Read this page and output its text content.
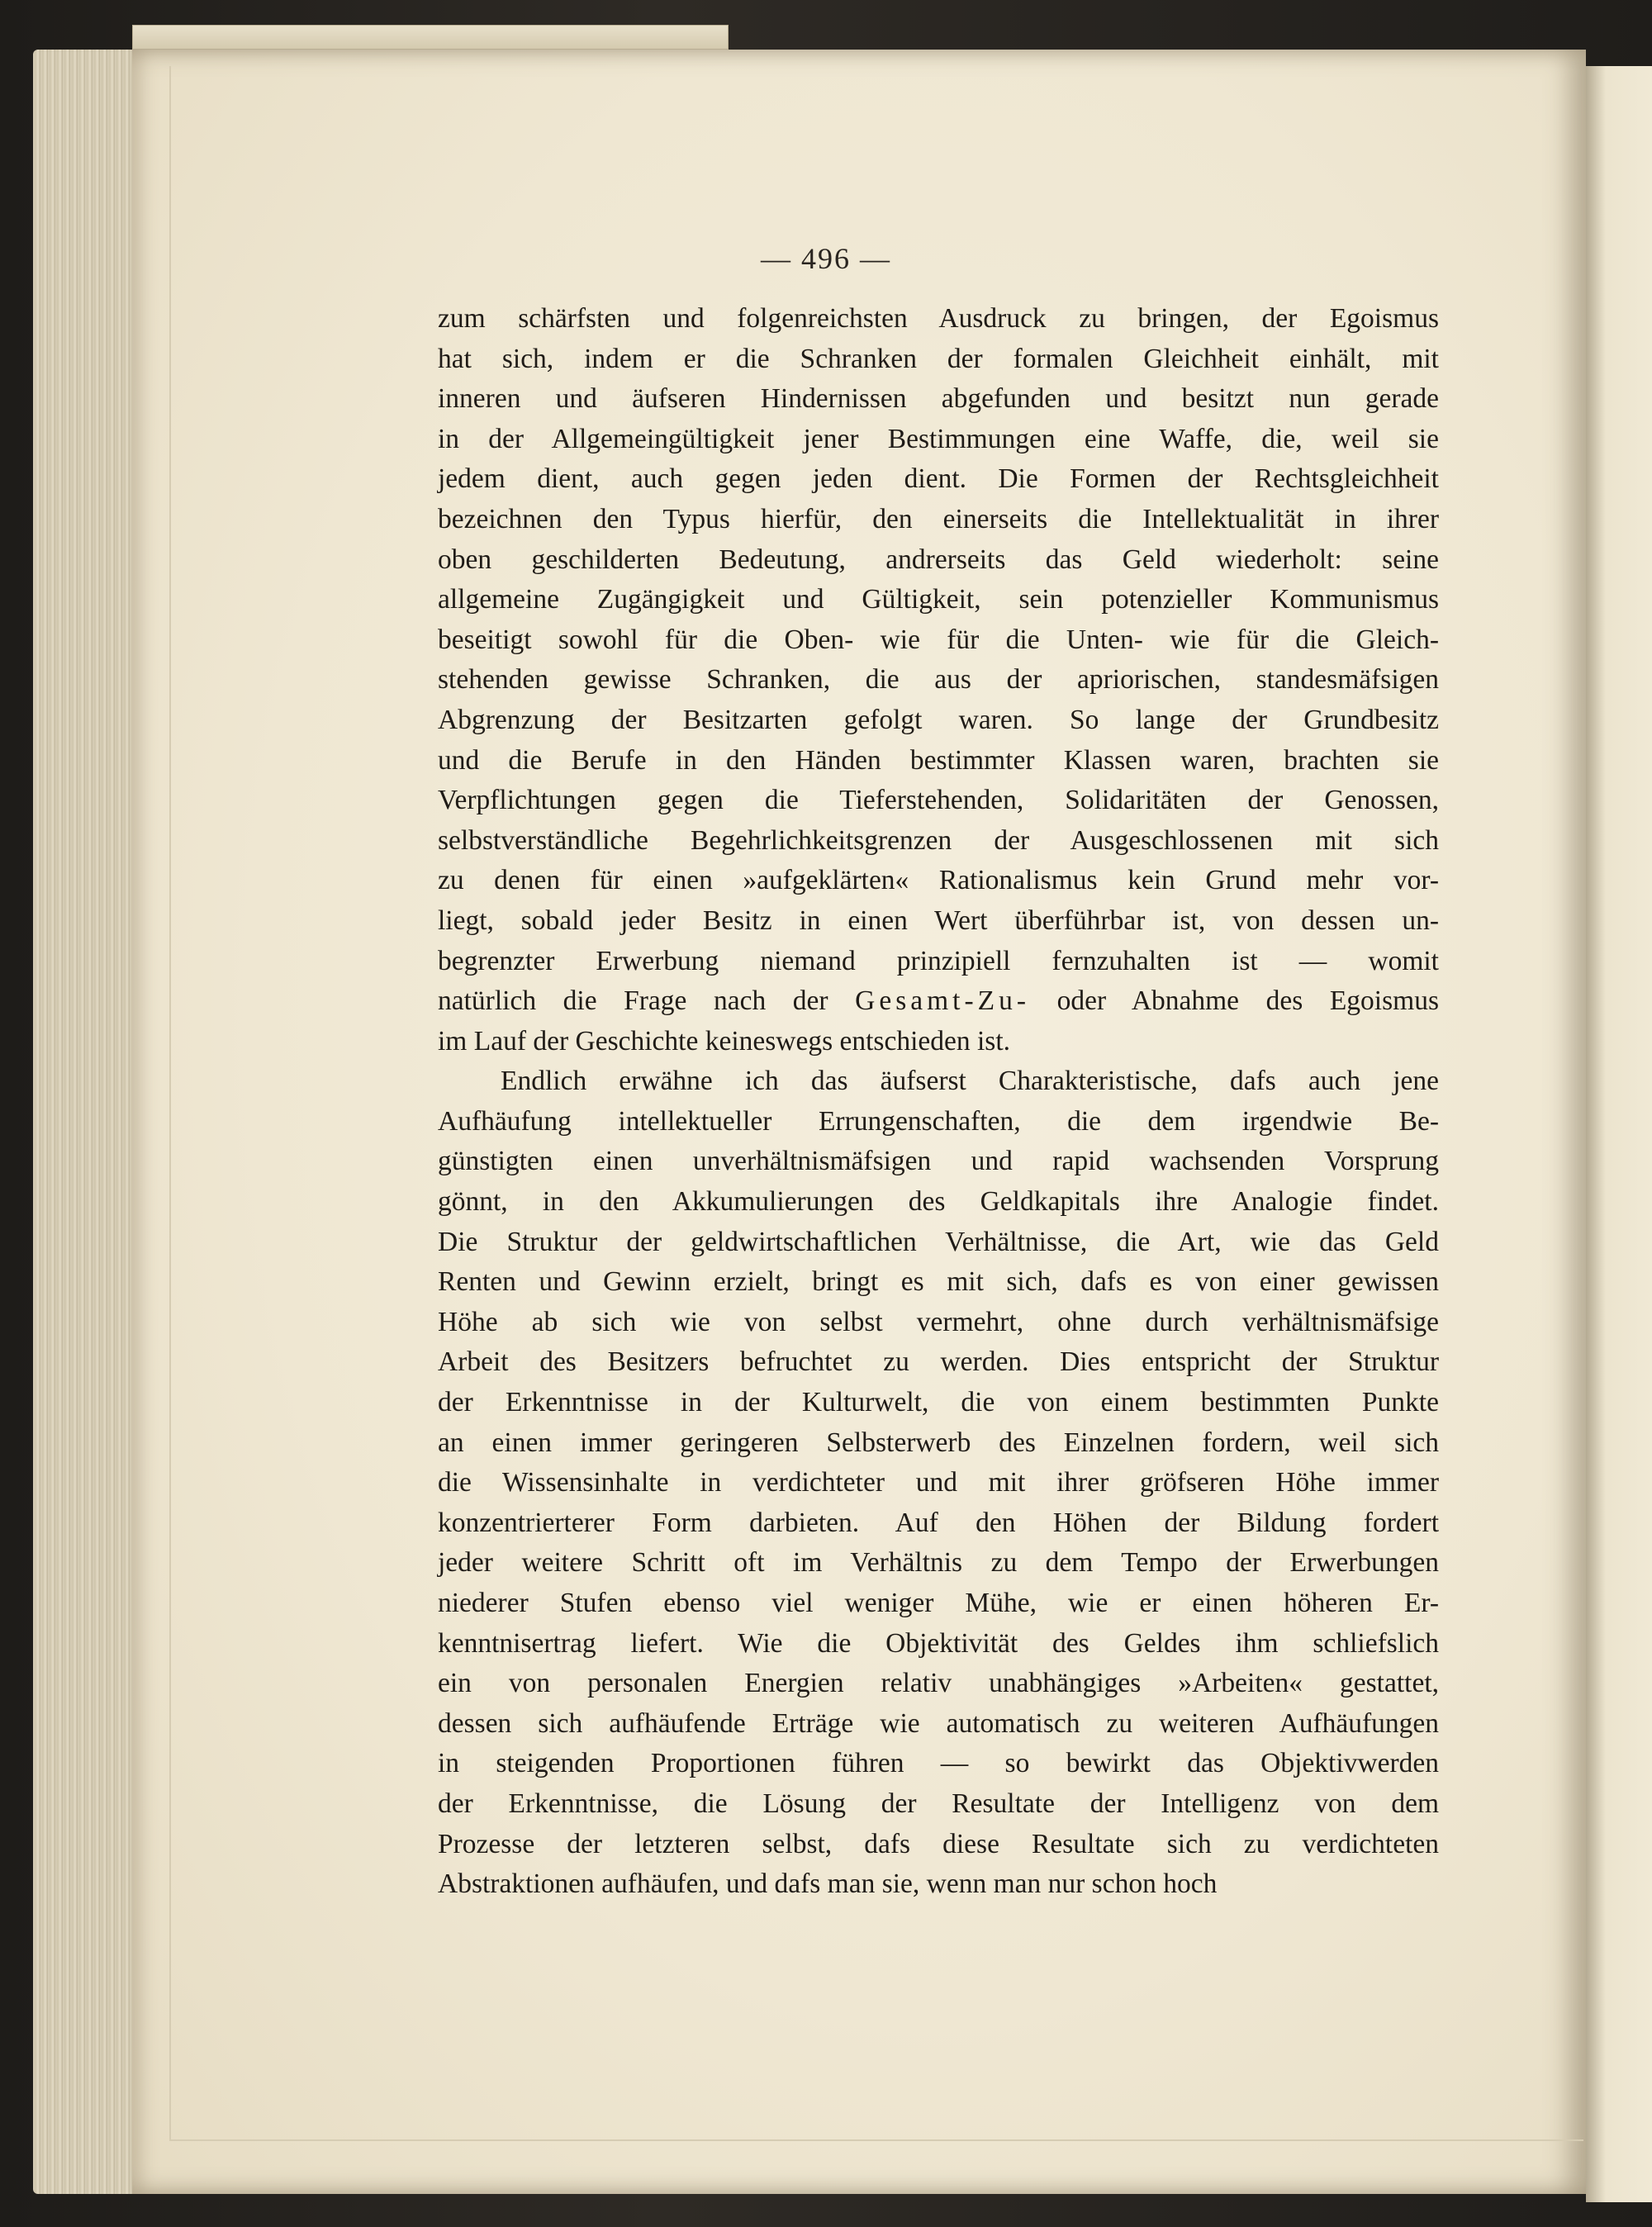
— 496 —
zum schärfsten und folgenreichsten Ausdruck zu bringen, der Egoismus
hat sich, indem er die Schranken der formalen Gleichheit einhält, mit
inneren und äufseren Hindernissen abgefunden und besitzt nun gerade
in der Allgemeingültigkeit jener Bestimmungen eine Waffe, die, weil sie
jedem dient, auch gegen jeden dient. Die Formen der Rechtsgleichheit
bezeichnen den Typus hierfür, den einerseits die Intellektualität in ihrer
oben geschilderten Bedeutung, andrerseits das Geld wiederholt: seine
allgemeine Zugängigkeit und Gültigkeit, sein potenzieller Kommunismus
beseitigt sowohl für die Oben- wie für die Unten- wie für die Gleich-
stehenden gewisse Schranken, die aus der apriorischen, standesmäfsigen
Abgrenzung der Besitzarten gefolgt waren. So lange der Grundbesitz
und die Berufe in den Händen bestimmter Klassen waren, brachten sie
Verpflichtungen gegen die Tieferstehenden, Solidaritäten der Genossen,
selbstverständliche Begehrlichkeitsgrenzen der Ausgeschlossenen mit sich
zu denen für einen »aufgeklärten« Rationalismus kein Grund mehr vor-
liegt, sobald jeder Besitz in einen Wert überführbar ist, von dessen un-
begrenzter Erwerbung niemand prinzipiell fernzuhalten ist — womit
natürlich die Frage nach der Gesamt-Zu- oder Abnahme des Egoismus
im Lauf der Geschichte keineswegs entschieden ist.
Endlich erwähne ich das äufserst Charakteristische, dafs auch jene
Aufhäufung intellektueller Errungenschaften, die dem irgendwie Be-
günstigten einen unverhältnismäfsigen und rapid wachsenden Vorsprung
gönnt, in den Akkumulierungen des Geldkapitals ihre Analogie findet.
Die Struktur der geldwirtschaftlichen Verhältnisse, die Art, wie das Geld
Renten und Gewinn erzielt, bringt es mit sich, dafs es von einer gewissen
Höhe ab sich wie von selbst vermehrt, ohne durch verhältnismäfsige
Arbeit des Besitzers befruchtet zu werden. Dies entspricht der Struktur
der Erkenntnisse in der Kulturwelt, die von einem bestimmten Punkte
an einen immer geringeren Selbsterwerb des Einzelnen fordern, weil sich
die Wissensinhalte in verdichteter und mit ihrer gröfseren Höhe immer
konzentrierterer Form darbieten. Auf den Höhen der Bildung fordert
jeder weitere Schritt oft im Verhältnis zu dem Tempo der Erwerbungen
niederer Stufen ebenso viel weniger Mühe, wie er einen höheren Er-
kenntnisertrag liefert. Wie die Objektivität des Geldes ihm schliefslich
ein von personalen Energien relativ unabhängiges »Arbeiten« gestattet,
dessen sich aufhäufende Erträge wie automatisch zu weiteren Aufhäufungen
in steigenden Proportionen führen — so bewirkt das Objektivwerden
der Erkenntnisse, die Lösung der Resultate der Intelligenz von dem
Prozesse der letzteren selbst, dafs diese Resultate sich zu verdichteten
Abstraktionen aufhäufen, und dafs man sie, wenn man nur schon hoch
